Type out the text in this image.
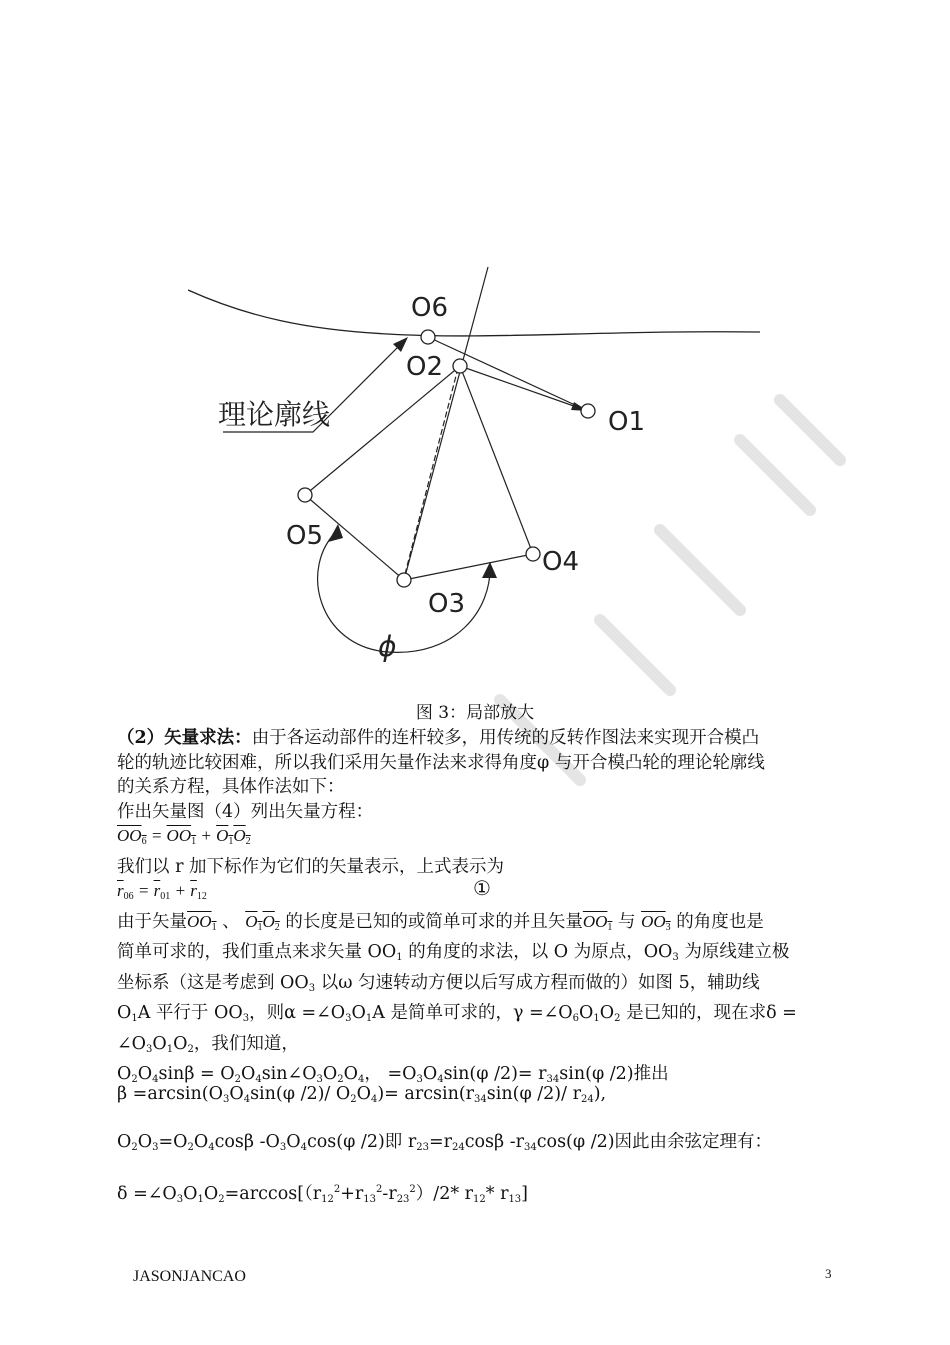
O6
O2
O1
O5
O4
O3
理论廓线
ϕ
图 3：局部放大

（2）矢量求法：由于各运动部件的连杆较多，用传统的反转作图法来实现开合模凸

轮的轨迹比较困难，所以我们采用矢量作法来求得角度φ 与开合模凸轮的理论轮廓线

的关系方程，具体作法如下：

作出矢量图（4）列出矢量方程：

$OO_6 = OO_1 + O_1O_2$

我们以 r 加下标作为它们的矢量表示，上式表示为

$\overline{r}_{06} = \overline{r}_{01} + \overline{r}_{12}$

由于矢量$OO_1$ 、 $O_1O_2$ 的长度是已知的或简单可求的并且矢量$OO_1$ 与 $OO_3$ 的角度也是

简单可求的，我们重点来求矢量 $OO_1$ 的角度的求法，以 O 为原点，$OO_3$ 为原线建立极

坐标系（这是考虑到 $OO_3$ 以ω 匀速转动方便以后写成方程而做的）如图 5，辅助线

$O_1A$ 平行于 $OO_3$，则$\alpha =\angle O_3O_1A$ 是简单可求的，$\gamma =\angle O_6O_1O_2$ 是已知的，现在求δ =

$\angle O_3O_1O_2$，我们知道，

$O_2O_4\sin\beta$ = $O_2O_4\sin\angle O_3O_2O_4$， $=O_3O_4\sin(\varphi$ $/2)= r_{34}\sin(\varphi$ /2)推出

$\beta =\arcsin(O_3O_4\sin(\varphi$ /2)/ $O_2O_4)= \arcsin(r_{34}\sin(\varphi$ /2)/ $r_{24}$),

$O_2O_3=O_2O_4\cos\beta$ $-O_3O_4\cos(\varphi$ /2)即 $r_{23}=r_{24}\cos\beta$ $-r_{34}\cos(\varphi$ /2)因此由余弦定理有：

$\delta =\angle O_3O_1O_2=\arccos[(r_{12}^2+r_{13}^2-r_{23}^2)/2*$ $r_{12}*$ $r_{13}$]

①
JASONJANCAO	3
